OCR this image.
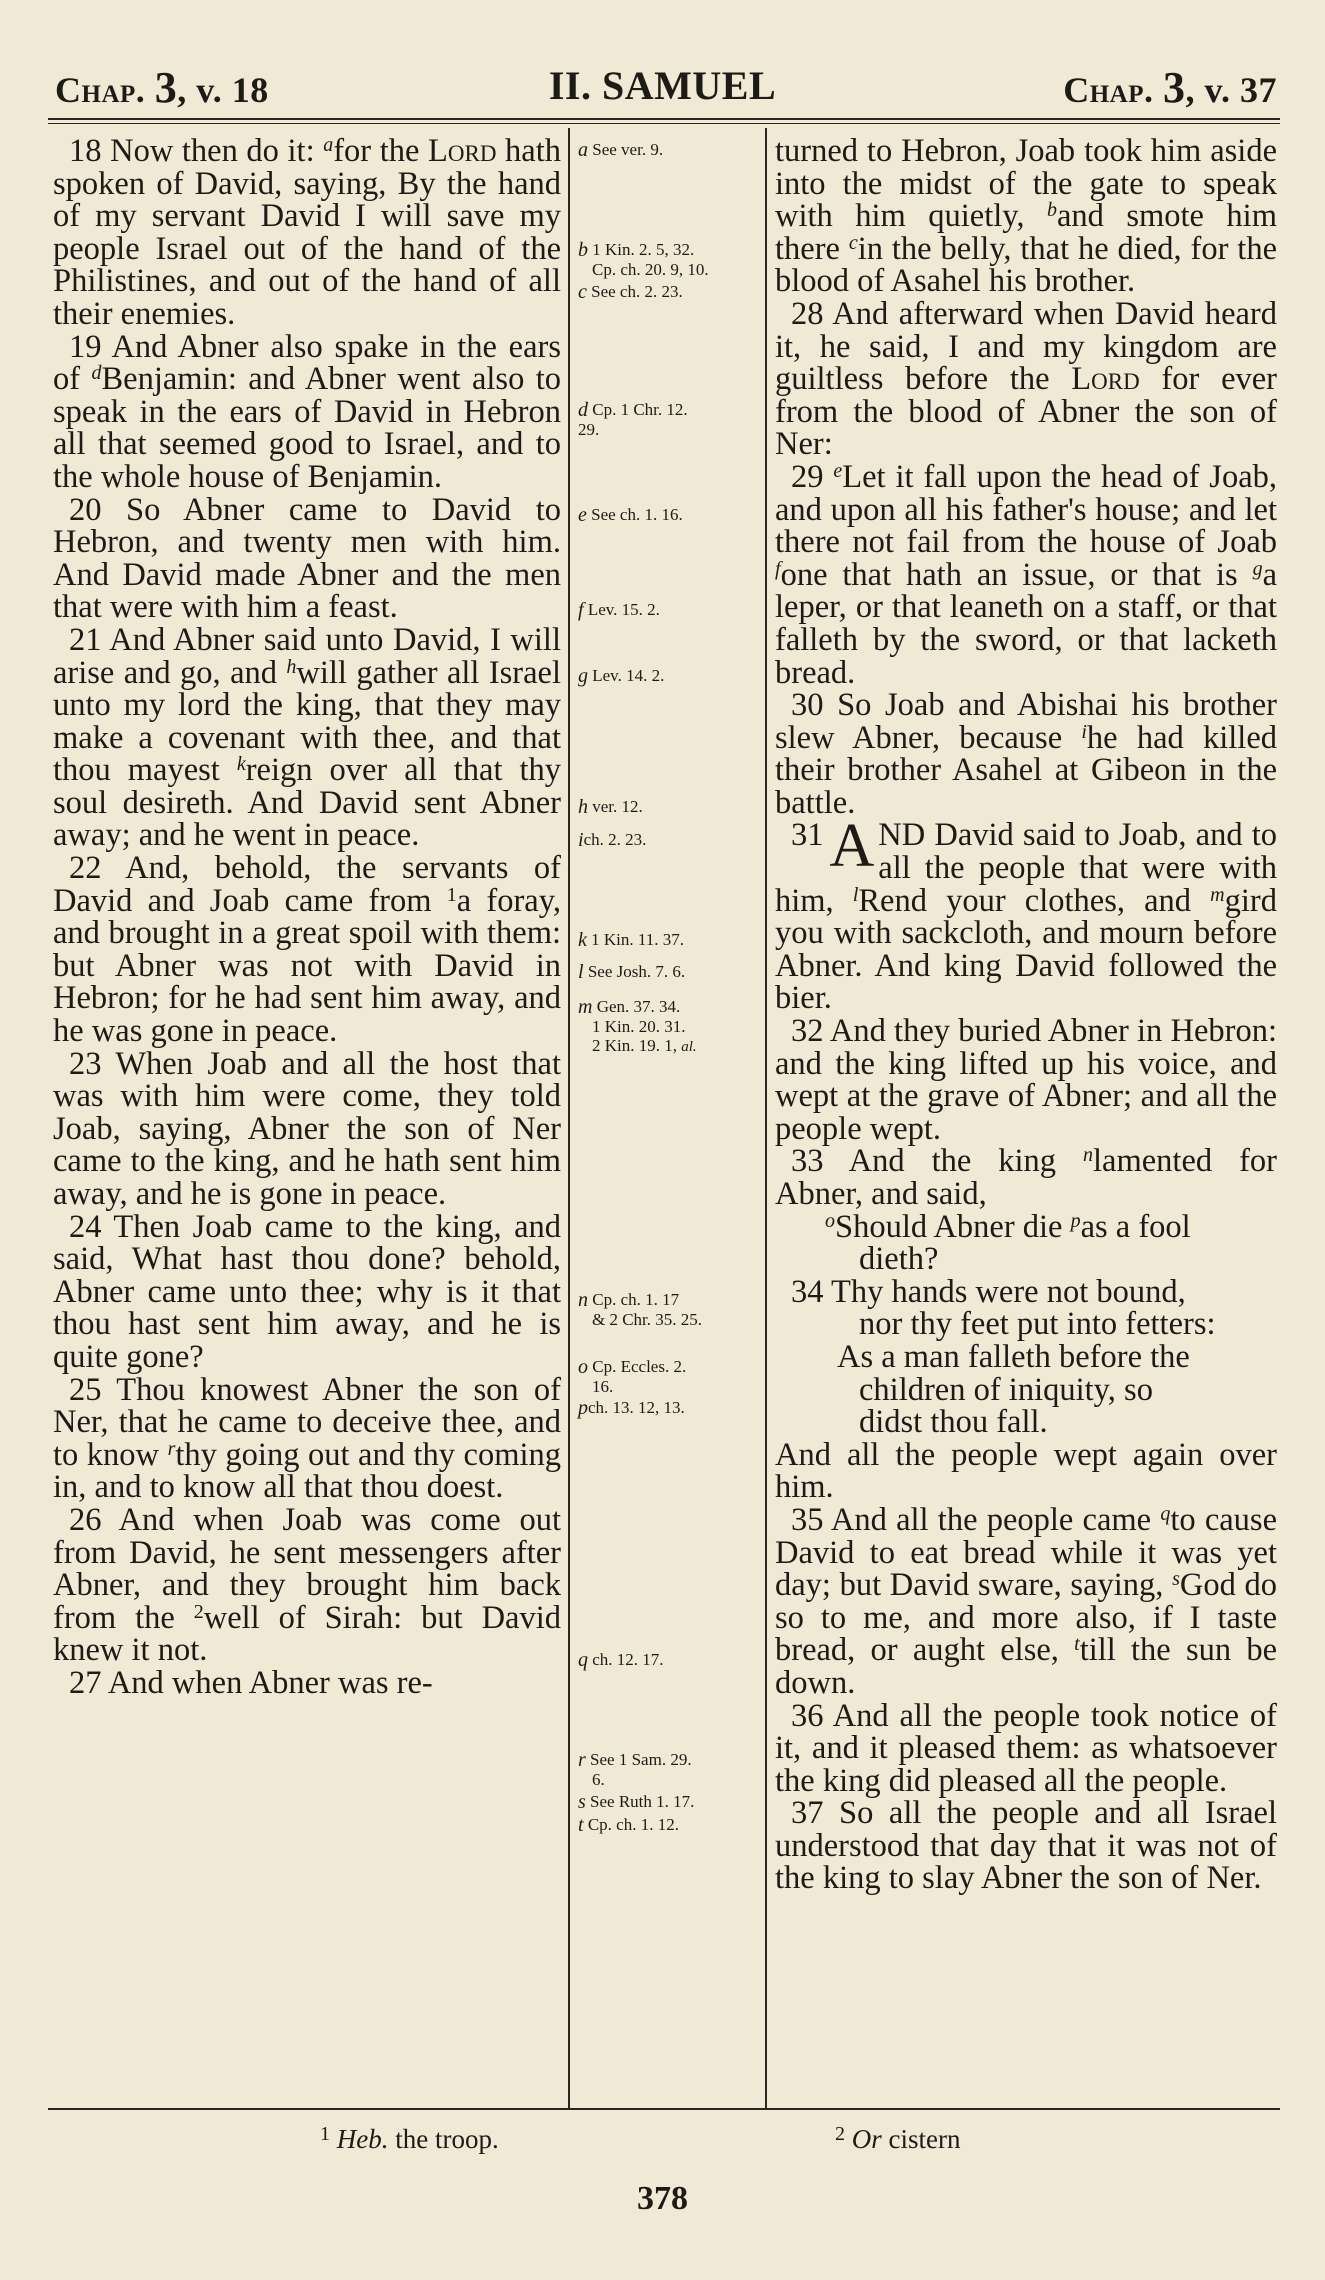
Chap. 3, v. 18	II. SAMUEL	Chap. 3, v. 37

18 Now then do it: $^a$for the Lord hath spoken of David, saying, By the hand of my servant David I will save my people Israel out of the hand of the Philistines, and out of the hand of all their enemies.

19 And Abner also spake in the ears of $^d$Benjamin: and Abner went also to speak in the ears of David in Hebron all that seemed good to Israel, and to the whole house of Benjamin.

20 So Abner came to David to Hebron, and twenty men with him. And David made Abner and the men that were with him a feast.

21 And Abner said unto David, I will arise and go, and $^h$will gather all Israel unto my lord the king, that they may make a covenant with thee, and that thou mayest $^k$reign over all that thy soul desireth. And David sent Abner away; and he went in peace.

22 And, behold, the servants of David and Joab came from $^1$a foray, and brought in a great spoil with them: but Abner was not with David in Hebron; for he had sent him away, and he was gone in peace.

23 When Joab and all the host that was with him were come, they told Joab, saying, Abner the son of Ner came to the king, and he hath sent him away, and he is gone in peace.

24 Then Joab came to the king, and said, What hast thou done? behold, Abner came unto thee; why is it that thou hast sent him away, and he is quite gone?

25 Thou knowest Abner the son of Ner, that he came to deceive thee, and to know $^r$thy going out and thy coming in, and to know all that thou doest.

26 And when Joab was come out from David, he sent messengers after Abner, and they brought him back from the $^2$well of Sirah: but David knew it not.

27 And when Abner was re-

a See ver. 9.
b 1 Kin. 2. 5, 32.
Cp. ch. 20. 9, 10.
c See ch. 2. 23.
d Cp. 1 Chr. 12.
29.
e See ch. 1. 16.
f Lev. 15. 2.
g Lev. 14. 2.
h ver. 12.
ich. 2. 23.
k 1 Kin. 11. 37.
l See Josh. 7. 6.
m Gen. 37. 34.
1 Kin. 20. 31.
2 Kin. 19. 1, al.
n Cp. ch. 1. 17
& 2 Chr. 35. 25.
o Cp. Eccles. 2.
16.
pch. 13. 12, 13.
q ch. 12. 17.
r See 1 Sam. 29.
6.
s See Ruth 1. 17.
t Cp. ch. 1. 12.

turned to Hebron, Joab took him aside into the midst of the gate to speak with him quietly, $^b$and smote him there $^c$in the belly, that he died, for the blood of Asahel his brother.

28 And afterward when David heard it, he said, I and my kingdom are guiltless before the Lord for ever from the blood of Abner the son of Ner:

29 $^e$Let it fall upon the head of Joab, and upon all his father's house; and let there not fail from the house of Joab $^f$one that hath an issue, or that is $^g$a leper, or that leaneth on a staff, or that falleth by the sword, or that lacketh bread.

30 So Joab and Abishai his brother slew Abner, because $^i$he had killed their brother Asahel at Gibeon in the battle.

31 A ND David said to Joab, and to all the people that were with him, $^l$Rend your clothes, and $^m$gird you with sackcloth, and mourn before Abner. And king David followed the bier.

32 And they buried Abner in Hebron: and the king lifted up his voice, and wept at the grave of Abner; and all the people wept.

33 And the king $^n$lamented for Abner, and said,

$^o$Should Abner die $^p$as a fool
dieth?
34 Thy hands were not bound,
nor thy feet put into fetters:
As a man falleth before the
children of iniquity, so
didst thou fall.

And all the people wept again over him.

35 And all the people came $^q$to cause David to eat bread while it was yet day; but David sware, saying, $^s$God do so to me, and more also, if I taste bread, or aught else, $^t$till the sun be down.

36 And all the people took notice of it, and it pleased them: as whatsoever the king did pleased all the people.

37 So all the people and all Israel understood that day that it was not of the king to slay Abner the son of Ner.

$^1$ Heb. the troop.	$^2$ Or cistern
378
